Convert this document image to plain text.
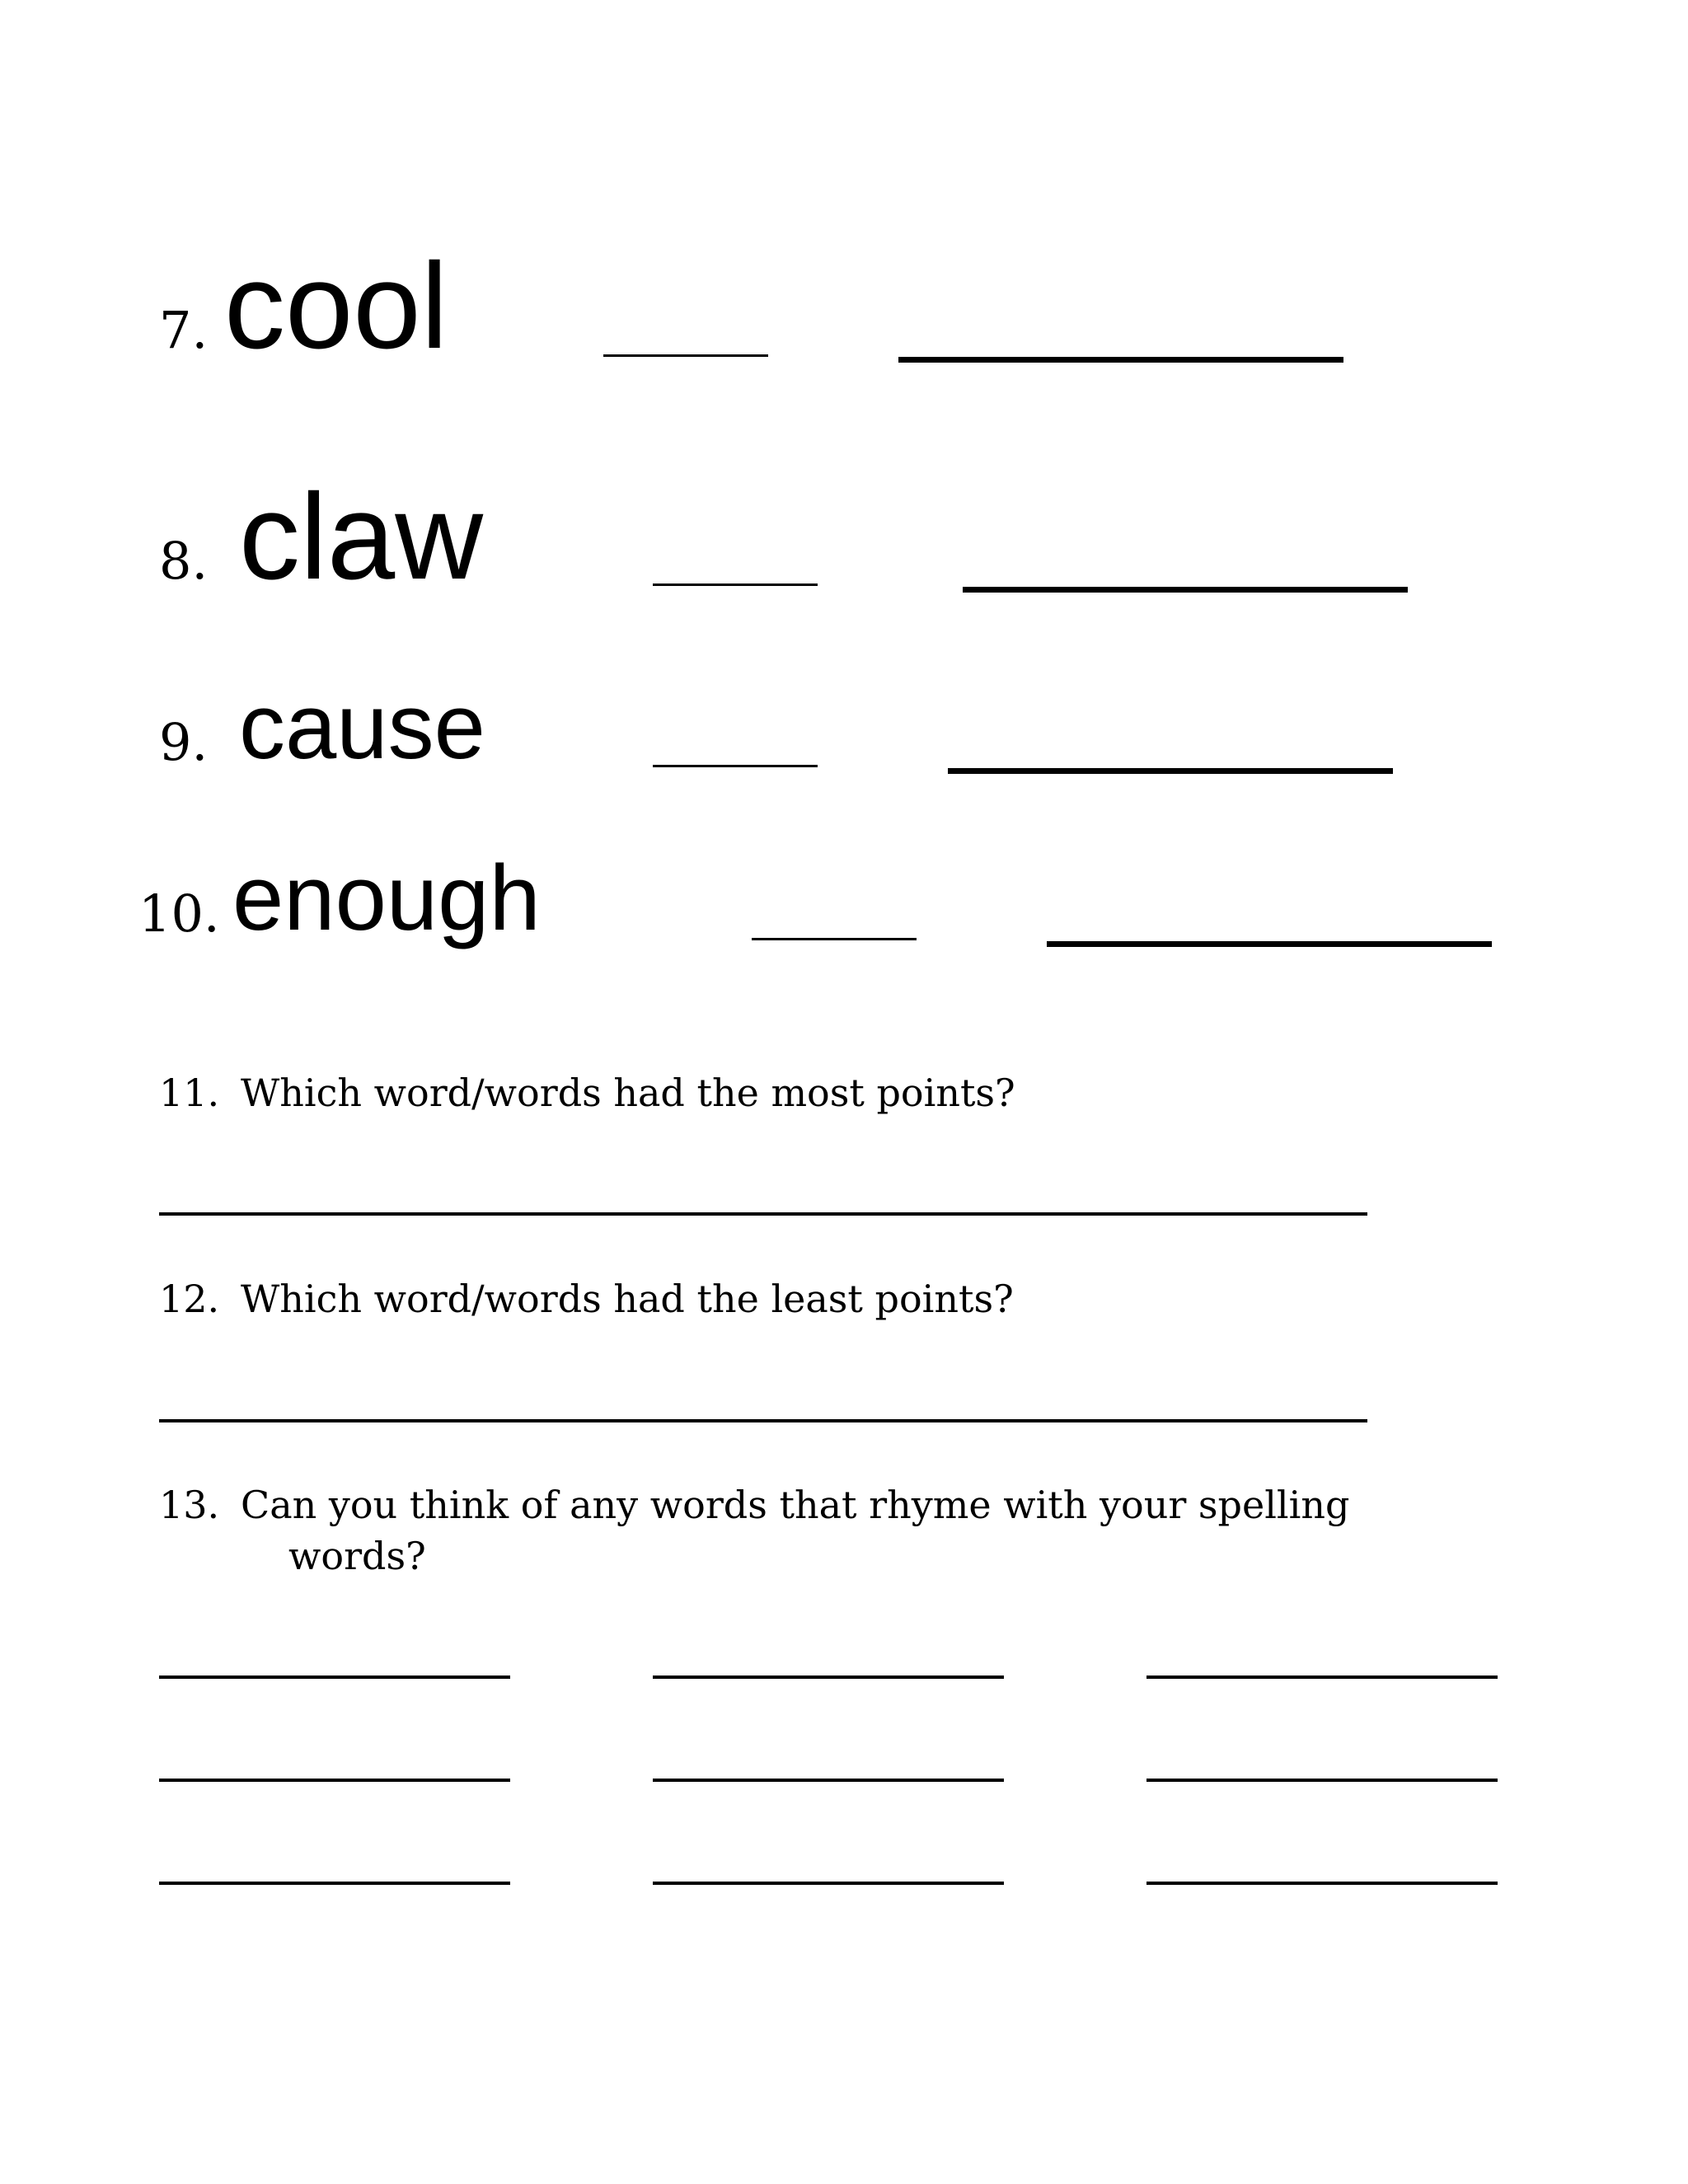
7. cool
8. claw
9. cause
10. enough
11. Which word/words had the most points?
12. Which word/words had the least points?
13. Can you think of any words that rhyme with your spelling
words?
